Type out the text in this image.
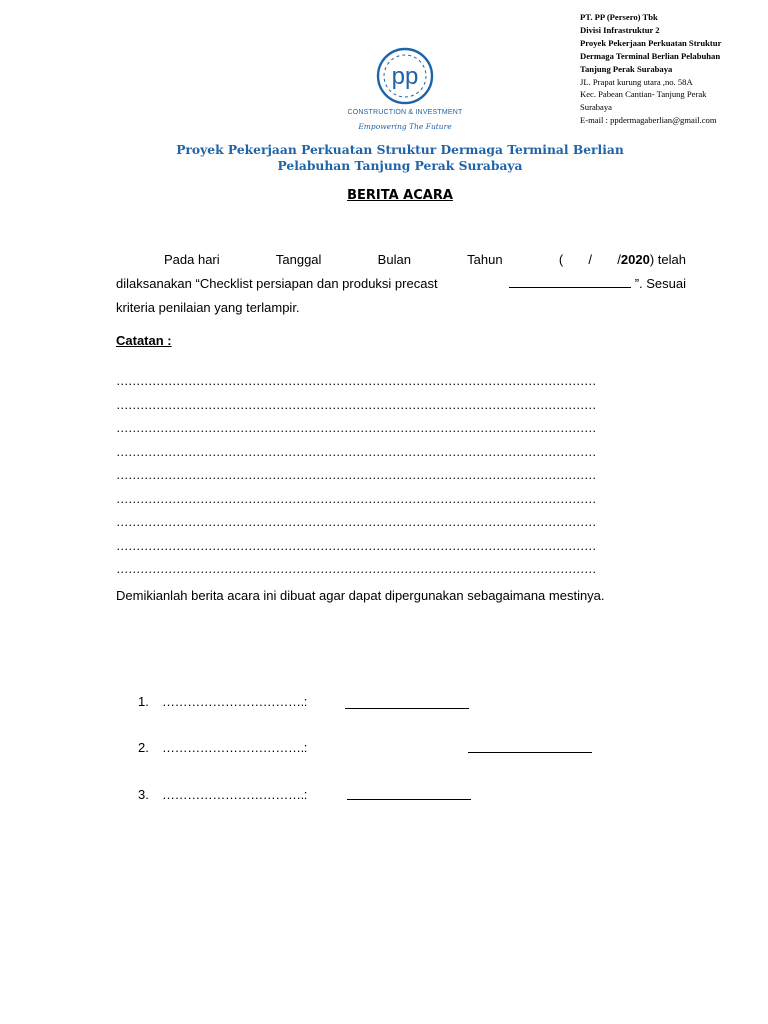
pp
CONSTRUCTION & INVESTMENT
Empowering The Future
PT. PP (Persero) Tbk
Divisi Infrastruktur 2
Proyek Pekerjaan Perkuatan Struktur
Dermaga Terminal Berlian Pelabuhan
Tanjung Perak Surabaya
JL. Prapat kurung utara ,no. 58A
Kec. Pabean Cantian- Tanjung Perak
Surabaya
E-mail : ppdermagaberlian@gmail.com
Proyek Pekerjaan Perkuatan Struktur Dermaga Terminal Berlian
Pelabuhan Tanjung Perak Surabaya
BERITA ACARA
Pada hari	Tanggal	Bulan	Tahun	( / /2020) telah
dilaksanakan “Checklist persiapan dan produksi precast	”. Sesuai
kriteria penilaian yang terlampir.
Catatan :
…………………………………………………………………………………………………………
…………………………………………………………………………………………………………
…………………………………………………………………………………………………………
…………………………………………………………………………………………………………
…………………………………………………………………………………………………………
…………………………………………………………………………………………………………
…………………………………………………………………………………………………………
…………………………………………………………………………………………………………
…………………………………………………………………………………………………………
Demikianlah berita acara ini dibuat agar dapat dipergunakan sebagaimana mestinya.
1. …………………………….:
2. …………………………….:
3. …………………………….:
